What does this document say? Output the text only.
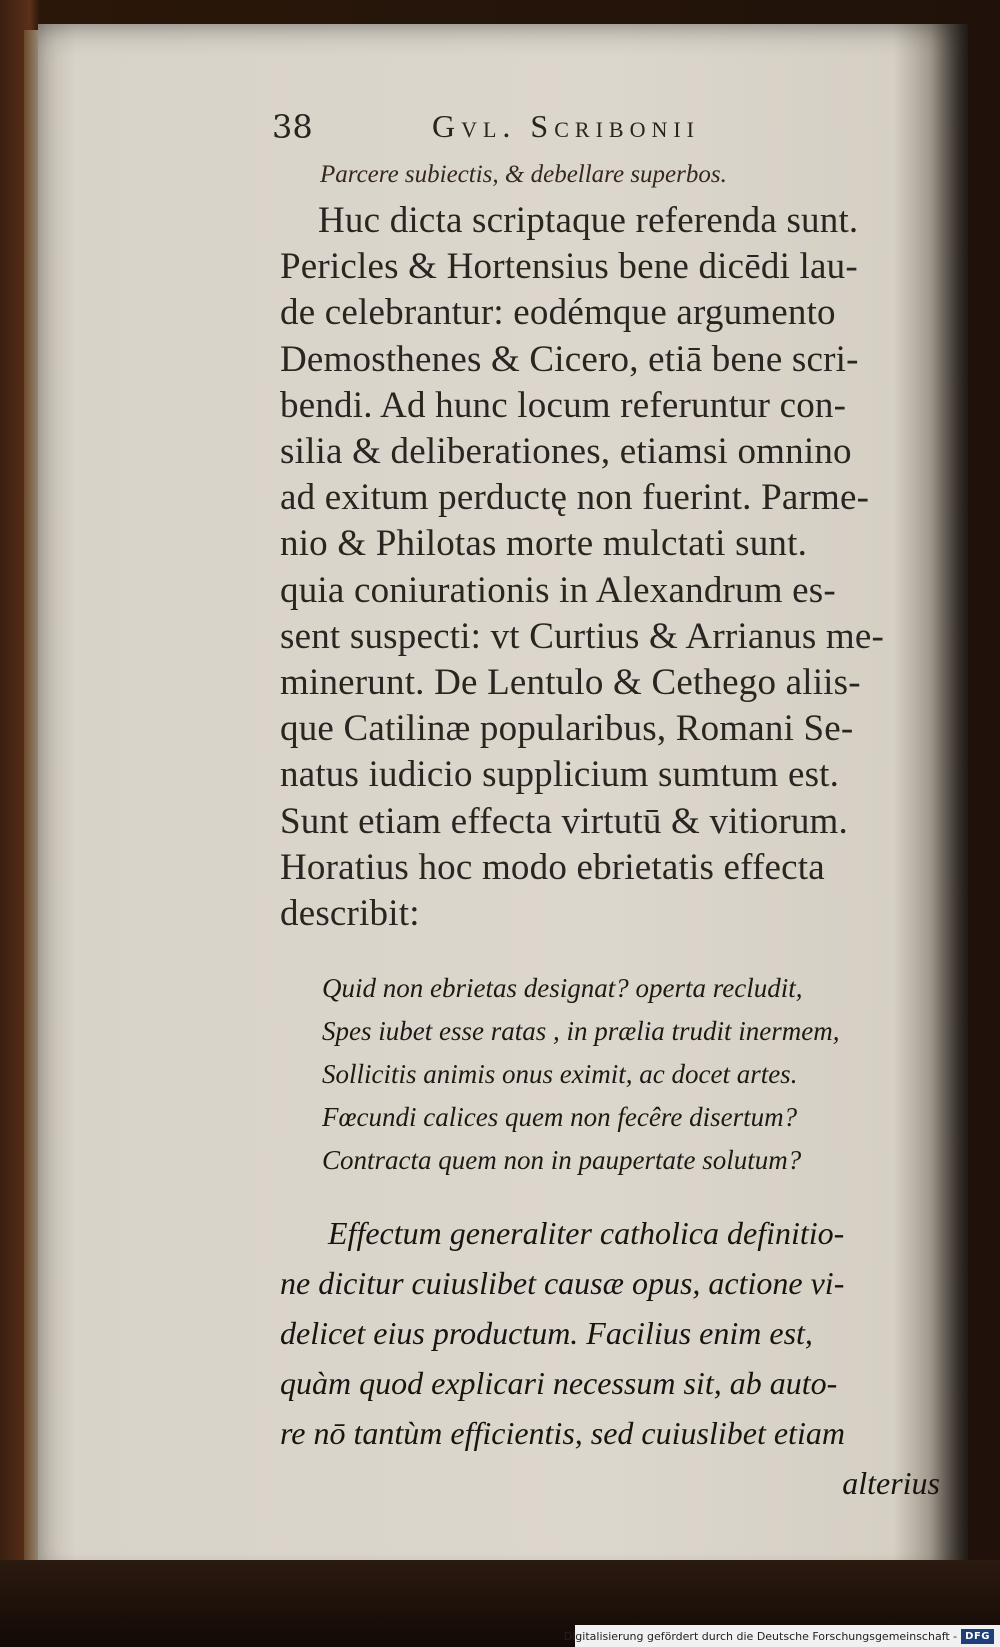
38	Gvl. Scribonii
Parcere subiectis, & debellare superbos.
Huc dicta scriptaque referenda sunt.
Pericles & Hortensius bene dicēdi lau-
de celebrantur: eodémque argumento
Demosthenes & Cicero, etiā bene scri-
bendi. Ad hunc locum referuntur con-
silia & deliberationes, etiamsi omnino
ad exitum perductę non fuerint. Parme-
nio & Philotas morte mulctati sunt.
quia coniurationis in Alexandrum es-
sent suspecti: vt Curtius & Arrianus me-
minerunt. De Lentulo & Cethego aliis-
que Catilinæ popularibus, Romani Se-
natus iudicio supplicium sumtum est.
Sunt etiam effecta virtutū & vitiorum.
Horatius hoc modo ebrietatis effecta
describit:
Quid non ebrietas designat? operta recludit,
Spes iubet esse ratas , in prælia trudit inermem,
Sollicitis animis onus eximit, ac docet artes.
Fœcundi calices quem non fecêre disertum?
Contracta quem non in paupertate solutum?
Effectum generaliter catholica definitio-
ne dicitur cuiuslibet causæ opus, actione vi-
delicet eius productum. Facilius enim est,
quàm quod explicari necessum sit, ab auto-
re nō tantùm efficientis, sed cuiuslibet etiam
alterius
Digitalisierung gefördert durch die Deutsche Forschungsgemeinschaft - DFG
